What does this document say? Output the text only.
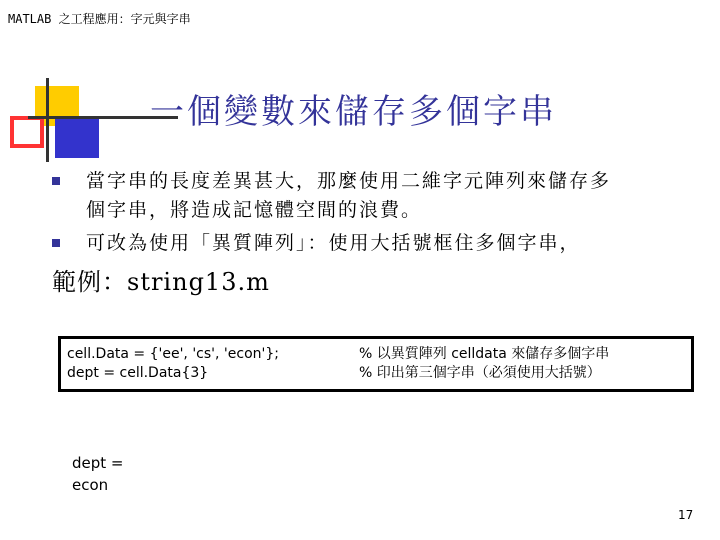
MATLAB 之工程應用：字元與字串
一個變數來儲存多個字串
當字串的長度差異甚大，那麼使用二維字元陣列來儲存多
個字串，將造成記憶體空間的浪費。
可改為使用「異質陣列」：使用大括號框住多個字串，
範例：string13.m
cell.Data = {'ee', 'cs', 'econ'};
dept = cell.Data{3}
% 以異質陣列 celldata 來儲存多個字串
% 印出第三個字串（必須使用大括號）
dept =
econ
17
